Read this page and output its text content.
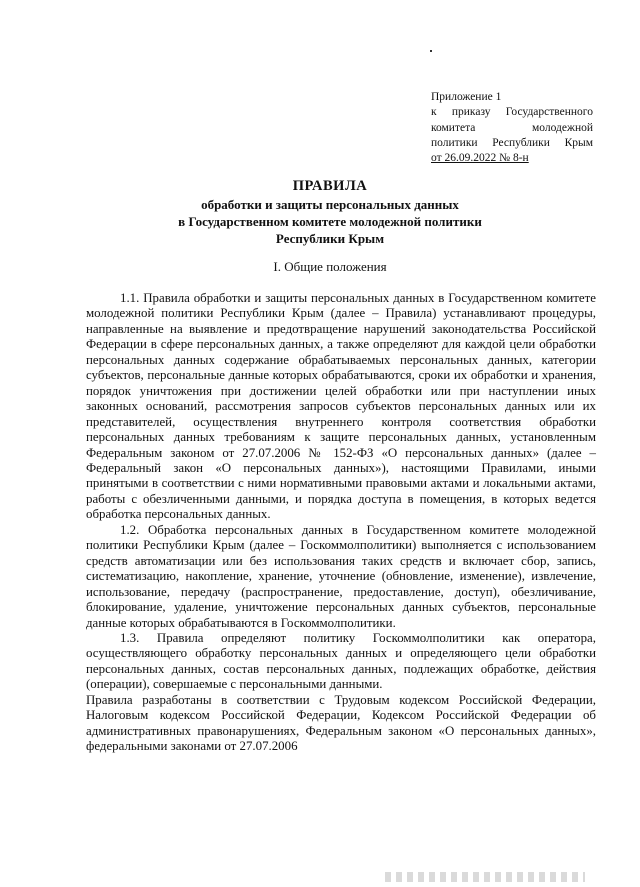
Приложение 1
к приказу Государственного
комитета молодежной
политики Республики Крым
от 26.09.2022 № 8-н
ПРАВИЛА
обработки и защиты персональных данных
в Государственном комитете молодежной политики
Республики Крым
I. Общие положения

1.1. Правила обработки и защиты персональных данных в Государственном комитете молодежной политики Республики Крым (далее – Правила) устанавливают процедуры, направленные на выявление и предотвращение нарушений законодательства Российской Федерации в сфере персональных данных, а также определяют для каждой цели обработки персональных данных содержание обрабатываемых персональных данных, категории субъектов, персональные данные которых обрабатываются, сроки их обработки и хранения, порядок уничтожения при достижении целей обработки или при наступлении иных законных оснований, рассмотрения запросов субъектов персональных данных или их представителей, осуществления внутреннего контроля соответствия обработки персональных данных требованиям к защите персональных данных, установленным Федеральным законом от 27.07.2006 № 152-ФЗ «О персональных данных» (далее – Федеральный закон «О персональных данных»), настоящими Правилами, иными принятыми в соответствии с ними нормативными правовыми актами и локальными актами, работы с обезличенными данными, и порядка доступа в помещения, в которых ведется обработка персональных данных.

1.2. Обработка персональных данных в Государственном комитете молодежной политики Республики Крым (далее – Госкоммолполитики) выполняется с использованием средств автоматизации или без использования таких средств и включает сбор, запись, систематизацию, накопление, хранение, уточнение (обновление, изменение), извлечение, использование, передачу (распространение, предоставление, доступ), обезличивание, блокирование, удаление, уничтожение персональных данных субъектов, персональные данные которых обрабатываются в Госкоммолполитики.

1.3. Правила определяют политику Госкоммолполитики как оператора, осуществляющего обработку персональных данных и определяющего цели обработки персональных данных, состав персональных данных, подлежащих обработке, действия (операции), совершаемые с персональными данными.

Правила разработаны в соответствии с Трудовым кодексом Российской Федерации, Налоговым кодексом Российской Федерации, Кодексом Российской Федерации об административных правонарушениях, Федеральным законом «О персональных данных», федеральными законами от 27.07.2006
